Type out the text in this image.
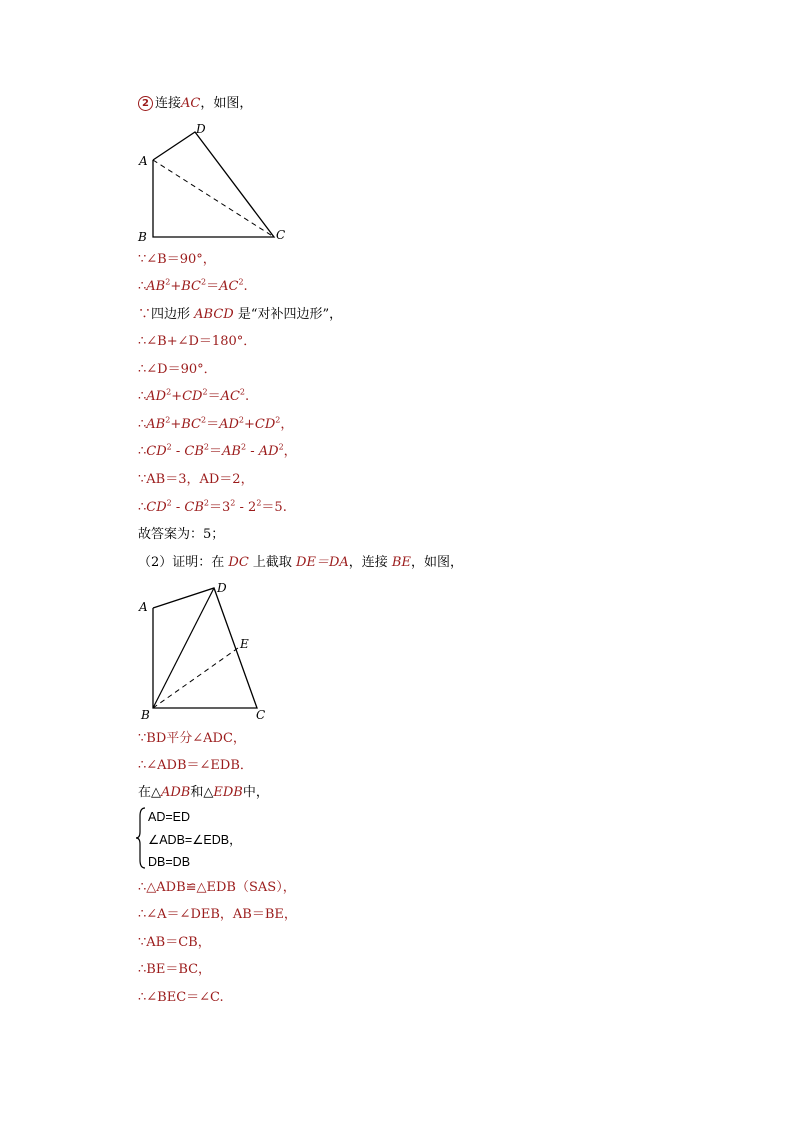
2 连接AC，如图，
A
D
B	C
∵∠B＝90°，
$\therefore AB^2+BC^2=AC^2$.
∵四边形 ABCD 是“对补四边形”，
∴∠B+∠D＝180°．
∴∠D＝90°．
$\therefore AD^2+CD^2=AC^2$.
$\therefore AB^2+BC^2=AD^2+CD^2$，
$\therefore CD^2 - CB^2=AB^2 - AD^2$，
∵AB＝3，AD＝2，
$\therefore CD^2 - CB^2=3^2 - 2^2=5$.
故答案为：5；
（2）证明：在 DC 上截取 DE＝DA，连接 BE，如图，
A
D
E
B	C
∵BD平分∠ADC，
∴∠ADB＝∠EDB．
在△ADB和△EDB中，
AD=ED
∠ADB=∠EDB，
DB=DB
∴△ADB≌△EDB（SAS），
∴∠A＝∠DEB，AB＝BE，
∵AB＝CB，
∴BE＝BC，
∴∠BEC＝∠C.
